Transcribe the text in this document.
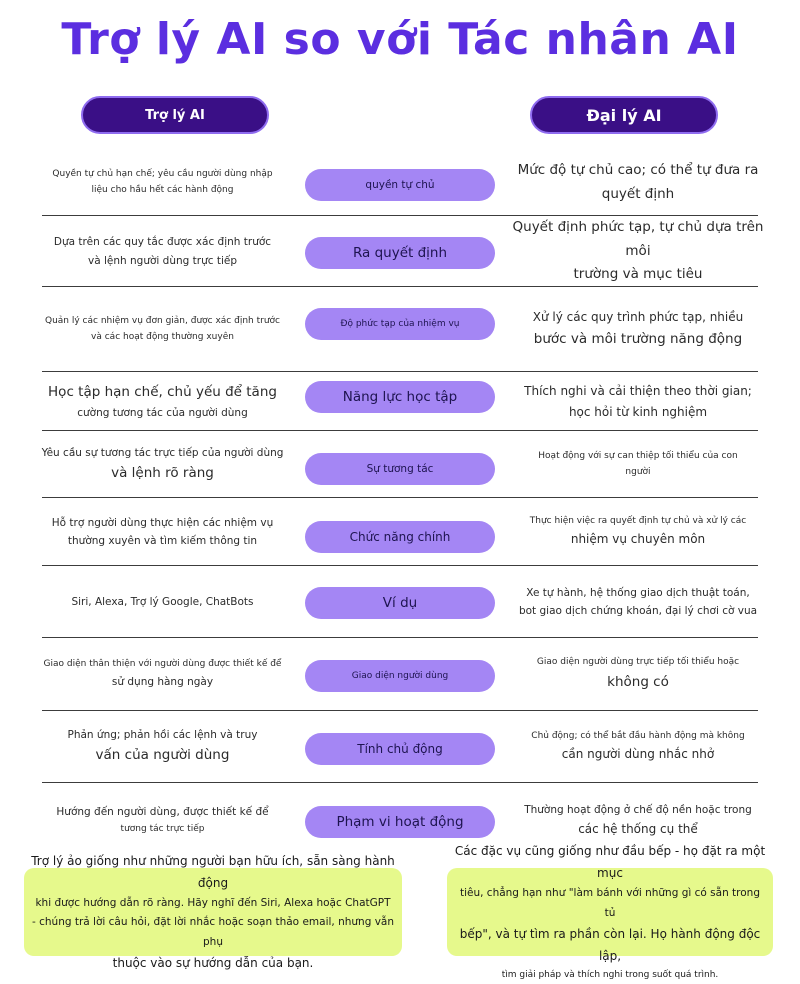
Trợ lý AI so với Tác nhân AI
Trợ lý AI	Đại lý AI
Quyền tự chủ hạn chế; yêu cầu người dùng nhập
liệu cho hầu hết các hành động
Mức độ tự chủ cao; có thể tự đưa ra
quyết định
quyền tự chủ
Dựa trên các quy tắc được xác định trước
và lệnh người dùng trực tiếp
Quyết định phức tạp, tự chủ dựa trên môi
trường và mục tiêu
Ra quyết định
Quản lý các nhiệm vụ đơn giản, được xác định trước
và các hoạt động thường xuyên
Xử lý các quy trình phức tạp, nhiều
bước và môi trường năng động
Độ phức tạp của nhiệm vụ
Học tập hạn chế, chủ yếu để tăng
cường tương tác của người dùng
Thích nghi và cải thiện theo thời gian;
học hỏi từ kinh nghiệm
Năng lực học tập
Yêu cầu sự tương tác trực tiếp của người dùng
và lệnh rõ ràng
Hoạt động với sự can thiệp tối thiểu của con
người
Sự tương tác
Hỗ trợ người dùng thực hiện các nhiệm vụ
thường xuyên và tìm kiếm thông tin
Thực hiện việc ra quyết định tự chủ và xử lý các
nhiệm vụ chuyên môn
Chức năng chính
Siri, Alexa, Trợ lý Google, ChatBots
Xe tự hành, hệ thống giao dịch thuật toán,
bot giao dịch chứng khoán, đại lý chơi cờ vua
Ví dụ
Giao diện thân thiện với người dùng được thiết kế để
sử dụng hàng ngày
Giao diện người dùng trực tiếp tối thiểu hoặc
không có
Giao diện người dùng
Phản ứng; phản hồi các lệnh và truy
vấn của người dùng
Chủ động; có thể bắt đầu hành động mà không
cần người dùng nhắc nhở
Tính chủ động
Hướng đến người dùng, được thiết kế để
tương tác trực tiếp
Thường hoạt động ở chế độ nền hoặc trong
các hệ thống cụ thể
Phạm vi hoạt động
Trợ lý ảo giống như những người bạn hữu ích, sẵn sàng hành động
khi được hướng dẫn rõ ràng. Hãy nghĩ đến Siri, Alexa hoặc ChatGPT
- chúng trả lời câu hỏi, đặt lời nhắc hoặc soạn thảo email, nhưng vẫn phụ
thuộc vào sự hướng dẫn của bạn.
Các đặc vụ cũng giống như đầu bếp - họ đặt ra một mục
tiêu, chẳng hạn như "làm bánh với những gì có sẵn trong tủ
bếp", và tự tìm ra phần còn lại. Họ hành động độc lập,
tìm giải pháp và thích nghi trong suốt quá trình.
